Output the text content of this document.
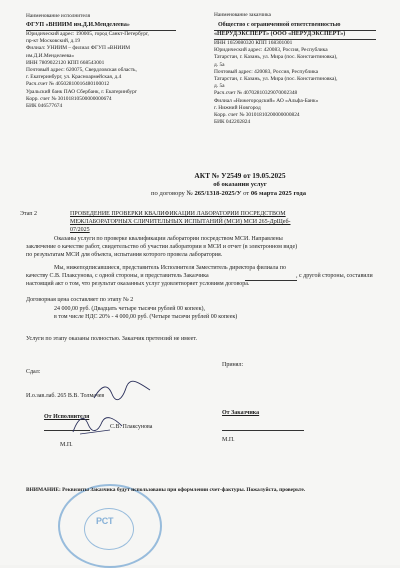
Наименование исполнителя
ФГУП «ВНИИМ им.Д.И.Менделеева»
Юридический адрес: 190005, город Санкт-Петербург,
пр-кт Московский, д.19
Филиал: УНИИМ – филиал ФГУП «ВНИИМ
им.Д.И.Менделеева»
ИНН 7809022120 КПП 668543001
Почтовый адрес: 620075, Свердловская область,
г. Екатеринбург, ул. Красноармейская, д.4
Расч.счет № 40502810016480100012
Уральский банк ПАО Сбербанк, г. Екатеринбург
Корр. счет № 30101810500000000674
БИК 046577674
Наименование заказчика
Общество с ограниченной ответственностью
«НЕРУДЭКСПЕРТ» (ООО «НЕРУДЭКСПЕРТ»)
ИНН 1659080320 КПП 168301001
Юридический адрес: 420083, Россия, Республика
Татарстан, г. Казань, ул. Мира (пос. Константиновка),
д. 5а
Почтовый адрес: 420083, Россия, Республика
Татарстан, г. Казань, ул. Мира (пос. Константиновка),
д. 5а
Расч.счет № 40702810329070002348
Филиал «Нижегородский» АО «Альфа-Банк»
г. Нижний Новгород
Корр. счет № 30101810200000000824
БИК 042202824
АКТ № У2549 от 19.05.2025
об оказании услуг
по договору № 265/1318-2025/У от 06 марта 2025 года
Этап 2	ПРОВЕДЕНИЕ ПРОВЕРКИ КВАЛИФИКАЦИИ ЛАБОРАТОРИИ ПОСРЕДСТВОМ
МЕЖЛАБОРАТОРНЫХ СЛИЧИТЕЛЬНЫХ ИСПЫТАНИЙ (МСИ) МСИ 265-ДрЩеб-
07/2025
Оказаны услуги по проверке квалификации лаборатории посредством МСИ. Направлены
заключение о качестве работ, свидетельство об участии лаборатории в МСИ и отчет (в электронном виде)
по результатам МСИ для объекта, испытания которого провела лаборатория.
Мы, нижеподписавшиеся, представитель Исполнителя Заместитель директора филиала по
качеству С.В. Плаксунова, с одной стороны, и представитель Заказчика	, с другой стороны, составили
настоящий акт о том, что результат оказанных услуг удовлетворяет условиям договора.
Договорная цена составляет по этапу № 2
24 000,00 руб. (Двадцать четыре тысячи рублей 00 копеек),
в том числе НДС 20% - 4 000,00 руб. (Четыре тысячи рублей 00 копеек)
Услуги по этапу оказаны полностью. Заказчик претензий не имеет.
Сдал:
Принял:
И.о.зав.лаб. 265 В.В. Толмачев
От Исполнителя
От Заказчика
С.В. Плаксунова
М.П.
М.П.
РСТ
ВНИМАНИЕ: Реквизиты Заказчика будут использованы при оформлении счет-фактуры. Пожалуйста, проверьте.
